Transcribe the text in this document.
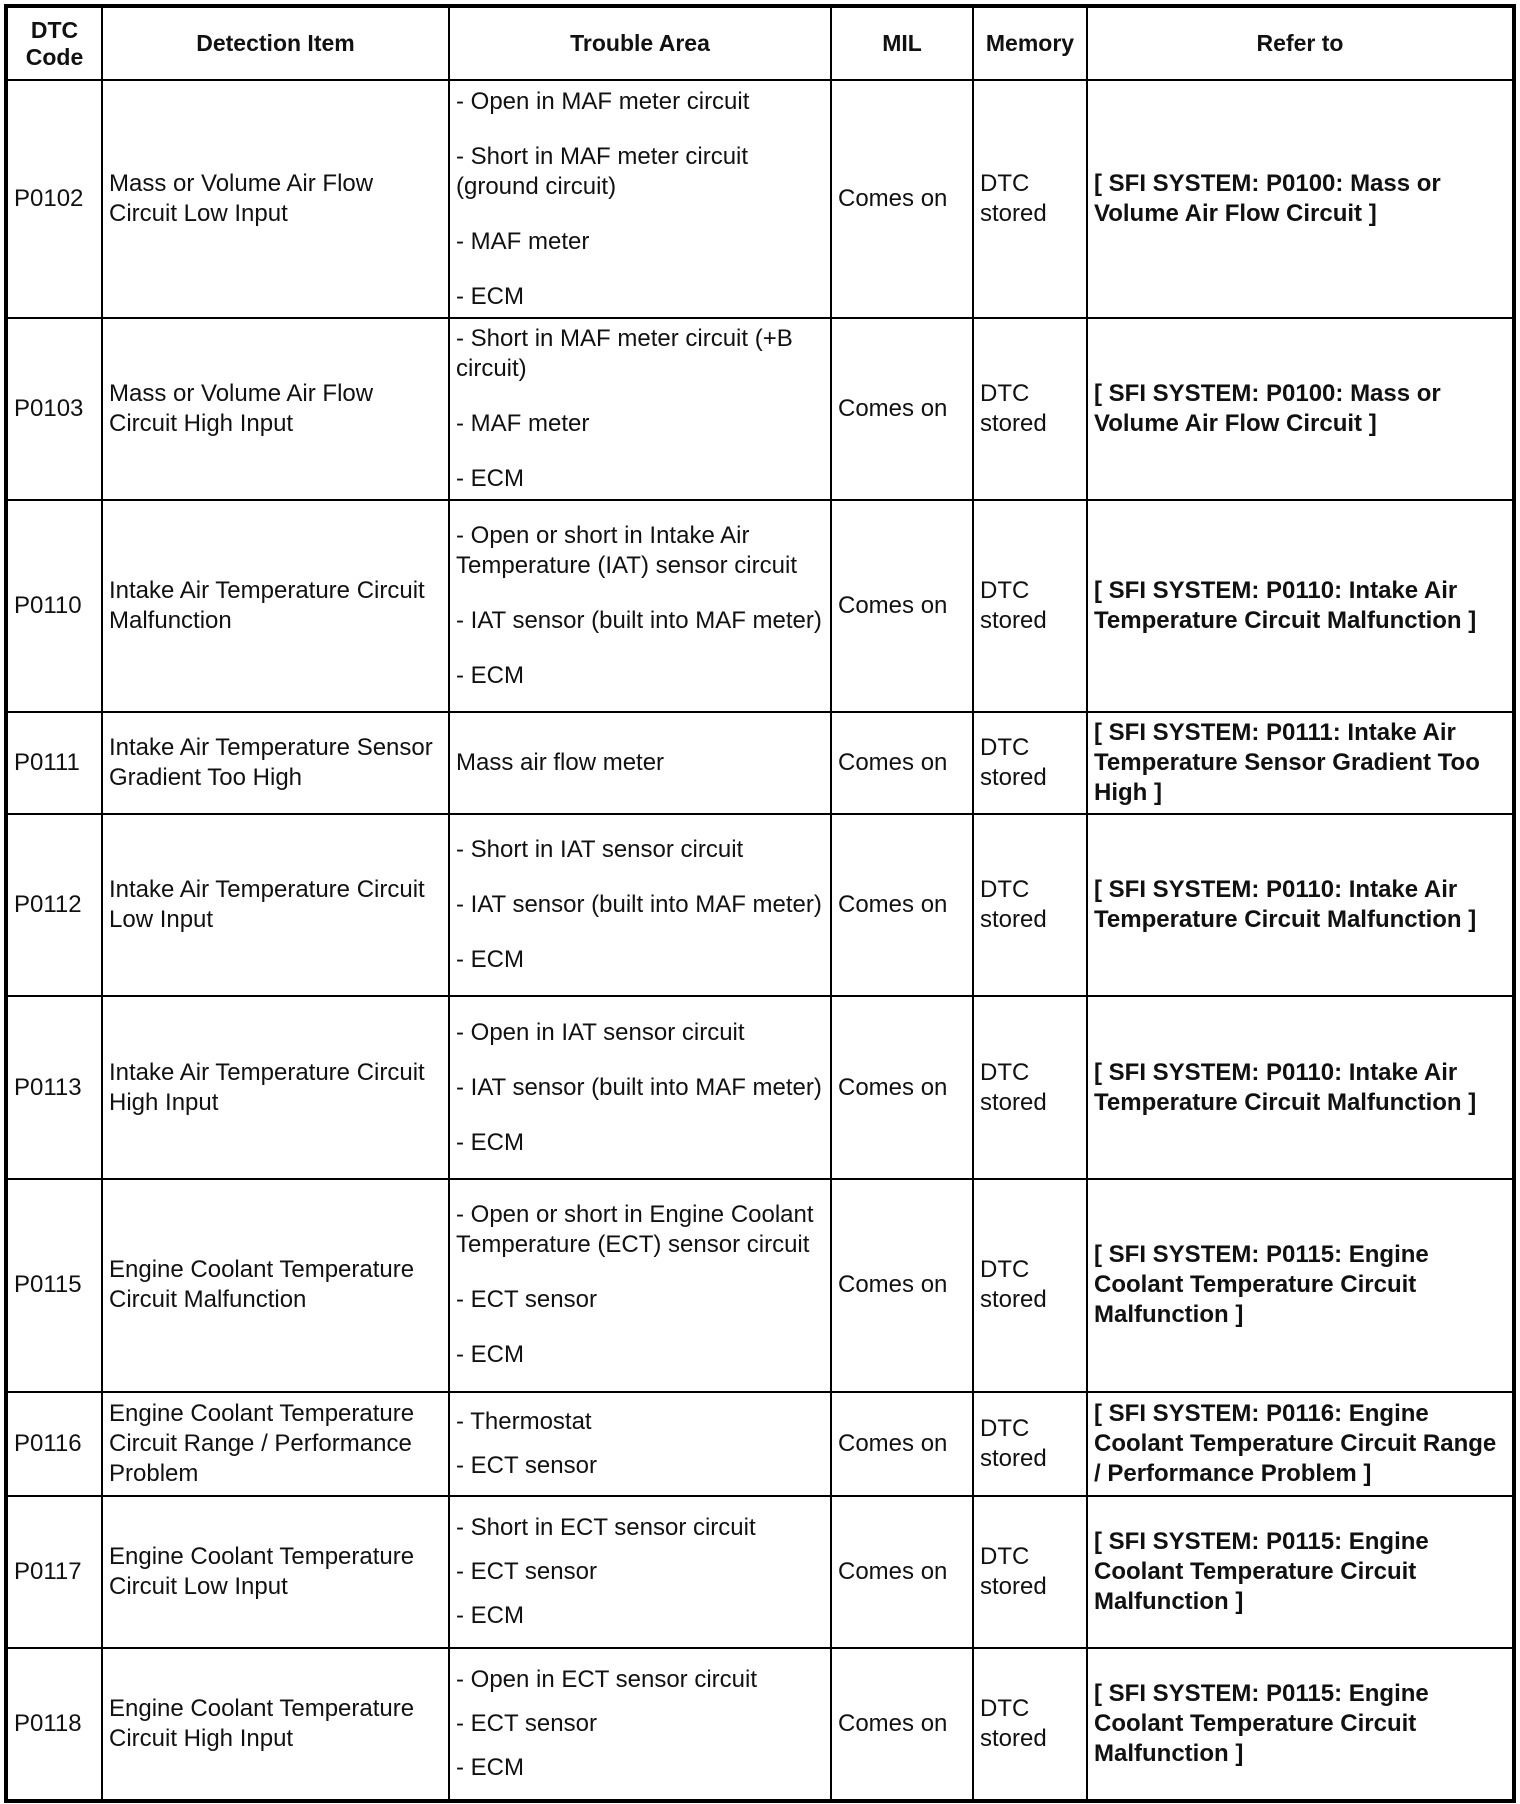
DTC Code	Detection Item	Trouble Area	MIL	Memory	Refer to
P0102	Mass or Volume Air Flow Circuit Low Input	- Open in MAF meter circuit

- Short in MAF meter circuit (ground circuit)

- MAF meter

- ECM	Comes on	DTC stored	[ SFI SYSTEM: P0100: Mass or Volume Air Flow Circuit ]
P0103	Mass or Volume Air Flow Circuit High Input	- Short in MAF meter circuit (+B circuit)

- MAF meter

- ECM	Comes on	DTC stored	[ SFI SYSTEM: P0100: Mass or Volume Air Flow Circuit ]
P0110	Intake Air Temperature Circuit Malfunction	- Open or short in Intake Air Temperature (IAT) sensor circuit

- IAT sensor (built into MAF meter)

- ECM	Comes on	DTC stored	[ SFI SYSTEM: P0110: Intake Air Temperature Circuit Malfunction ]
P0111	Intake Air Temperature Sensor Gradient Too High	Mass air flow meter	Comes on	DTC stored	[ SFI SYSTEM: P0111: Intake Air Temperature Sensor Gradient Too High ]
P0112	Intake Air Temperature Circuit Low Input	- Short in IAT sensor circuit

- IAT sensor (built into MAF meter)

- ECM	Comes on	DTC stored	[ SFI SYSTEM: P0110: Intake Air Temperature Circuit Malfunction ]
P0113	Intake Air Temperature Circuit High Input	- Open in IAT sensor circuit

- IAT sensor (built into MAF meter)

- ECM	Comes on	DTC stored	[ SFI SYSTEM: P0110: Intake Air Temperature Circuit Malfunction ]
P0115	Engine Coolant Temperature Circuit Malfunction	- Open or short in Engine Coolant Temperature (ECT) sensor circuit

- ECT sensor

- ECM	Comes on	DTC stored	[ SFI SYSTEM: P0115: Engine Coolant Temperature Circuit Malfunction ]
P0116	Engine Coolant Temperature Circuit Range / Performance Problem	- Thermostat

- ECT sensor	Comes on	DTC stored	[ SFI SYSTEM: P0116: Engine Coolant Temperature Circuit Range / Performance Problem ]
P0117	Engine Coolant Temperature Circuit Low Input	- Short in ECT sensor circuit

- ECT sensor

- ECM	Comes on	DTC stored	[ SFI SYSTEM: P0115: Engine Coolant Temperature Circuit Malfunction ]
P0118	Engine Coolant Temperature Circuit High Input	- Open in ECT sensor circuit

- ECT sensor

- ECM	Comes on	DTC stored	[ SFI SYSTEM: P0115: Engine Coolant Temperature Circuit Malfunction ]
